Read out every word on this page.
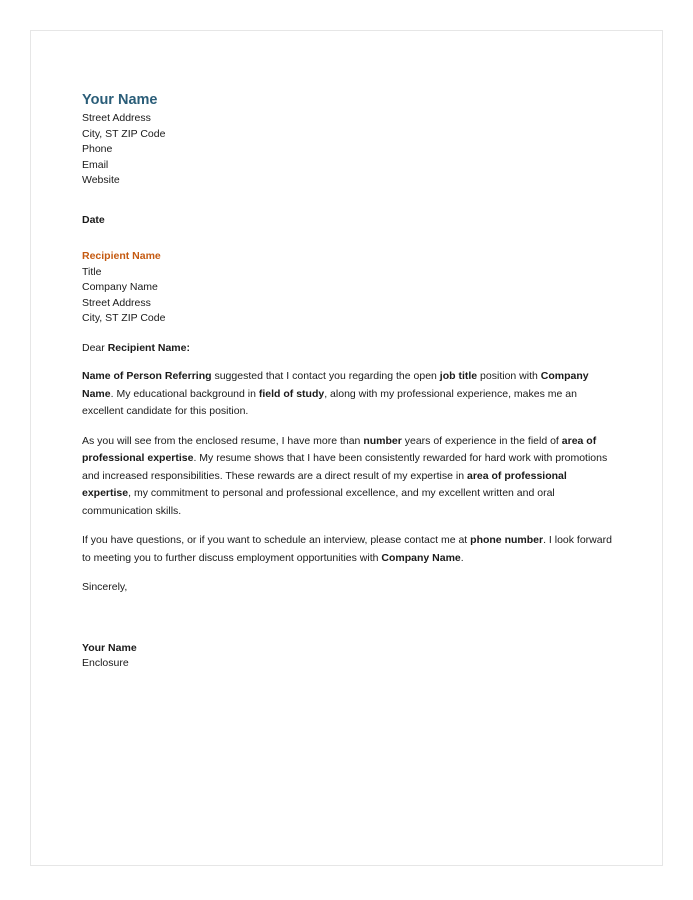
Your Name
Street Address
City, ST ZIP Code
Phone
Email
Website
Date
Recipient Name
Title
Company Name
Street Address
City, ST ZIP Code
Dear Recipient Name:
Name of Person Referring suggested that I contact you regarding the open job title position with Company Name. My educational background in field of study, along with my professional experience, makes me an excellent candidate for this position.
As you will see from the enclosed resume, I have more than number years of experience in the field of area of professional expertise. My resume shows that I have been consistently rewarded for hard work with promotions and increased responsibilities. These rewards are a direct result of my expertise in area of professional expertise, my commitment to personal and professional excellence, and my excellent written and oral communication skills.
If you have questions, or if you want to schedule an interview, please contact me at phone number. I look forward to meeting you to further discuss employment opportunities with Company Name.
Sincerely,
Your Name
Enclosure
